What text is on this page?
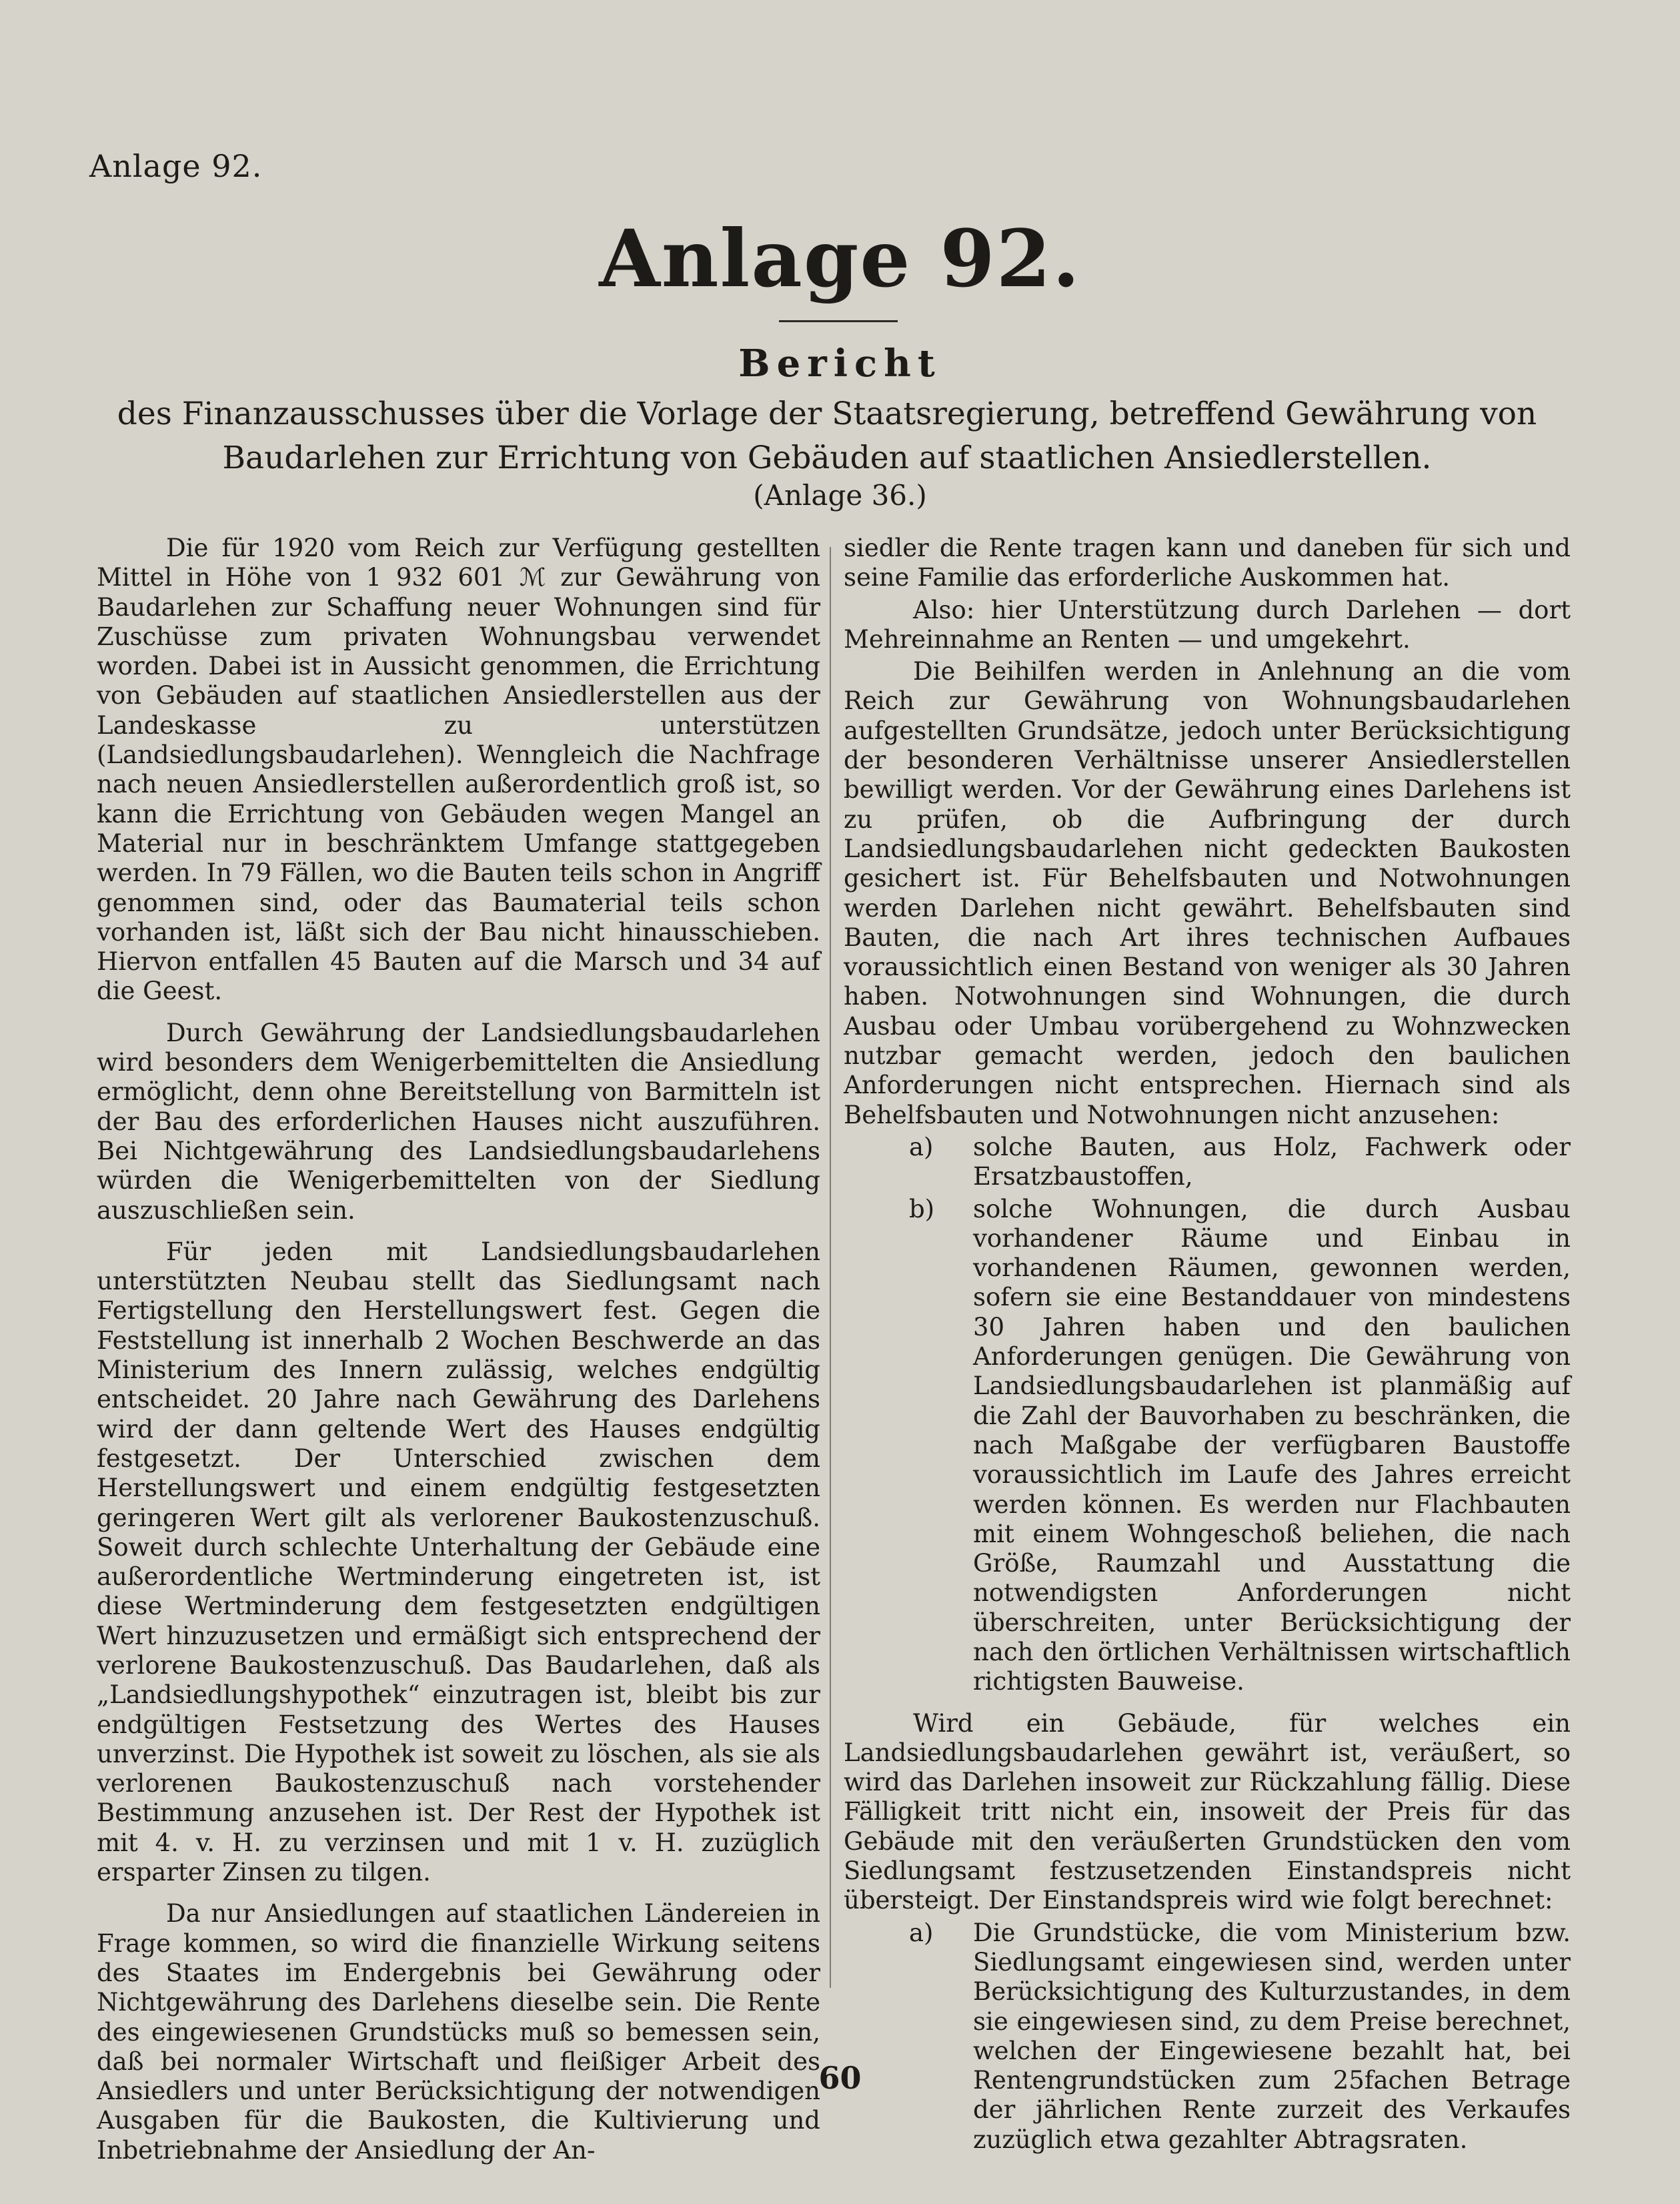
Anlage 92.
Anlage 92.
Bericht
des Finanzausschusses über die Vorlage der Staatsregierung, betreffend Gewährung von Baudarlehen zur Errichtung von Gebäuden auf staatlichen Ansiedlerstellen.
(Anlage 36.)

Die für 1920 vom Reich zur Verfügung gestellten Mittel in Höhe von 1 932 601 ℳ zur Gewährung von Baudarlehen zur Schaffung neuer Wohnungen sind für Zuschüsse zum privaten Wohnungsbau verwendet worden. Dabei ist in Aussicht genommen, die Errichtung von Gebäuden auf staatlichen Ansiedlerstellen aus der Landeskasse zu unterstützen (Landsiedlungsbaudarlehen). Wenngleich die Nachfrage nach neuen Ansiedlerstellen außerordentlich groß ist, so kann die Errichtung von Gebäuden wegen Mangel an Material nur in beschränktem Umfange stattgegeben werden. In 79 Fällen, wo die Bauten teils schon in Angriff genommen sind, oder das Baumaterial teils schon vorhanden ist, läßt sich der Bau nicht hinausschieben. Hiervon entfallen 45 Bauten auf die Marsch und 34 auf die Geest.

Durch Gewährung der Landsiedlungsbaudarlehen wird besonders dem Wenigerbemittelten die Ansiedlung ermöglicht, denn ohne Bereitstellung von Barmitteln ist der Bau des erforderlichen Hauses nicht auszuführen. Bei Nichtgewährung des Landsiedlungsbaudarlehens würden die Wenigerbemittelten von der Siedlung auszuschließen sein.

Für jeden mit Landsiedlungsbaudarlehen unterstützten Neubau stellt das Siedlungsamt nach Fertigstellung den Herstellungswert fest. Gegen die Feststellung ist innerhalb 2 Wochen Beschwerde an das Ministerium des Innern zulässig, welches endgültig entscheidet. 20 Jahre nach Gewährung des Darlehens wird der dann geltende Wert des Hauses endgültig festgesetzt. Der Unterschied zwischen dem Herstellungswert und einem endgültig festgesetzten geringeren Wert gilt als verlorener Baukostenzuschuß. Soweit durch schlechte Unterhaltung der Gebäude eine außerordentliche Wertminderung eingetreten ist, ist diese Wertminderung dem festgesetzten endgültigen Wert hinzuzusetzen und ermäßigt sich entsprechend der verlorene Baukostenzuschuß. Das Baudarlehen, daß als „Landsiedlungshypothek“ einzutragen ist, bleibt bis zur endgültigen Festsetzung des Wertes des Hauses unverzinst. Die Hypothek ist soweit zu löschen, als sie als verlorenen Baukostenzuschuß nach vorstehender Bestimmung anzusehen ist. Der Rest der Hypothek ist mit 4. v. H. zu verzinsen und mit 1 v. H. zuzüglich ersparter Zinsen zu tilgen.

Da nur Ansiedlungen auf staatlichen Ländereien in Frage kommen, so wird die finanzielle Wirkung seitens des Staates im Endergebnis bei Gewährung oder Nichtgewährung des Darlehens dieselbe sein. Die Rente des eingewiesenen Grundstücks muß so bemessen sein, daß bei normaler Wirtschaft und fleißiger Arbeit des Ansiedlers und unter Berücksichtigung der notwendigen Ausgaben für die Baukosten, die Kultivierung und Inbetriebnahme der Ansiedlung der An-

siedler die Rente tragen kann und daneben für sich und seine Familie das erforderliche Auskommen hat.

Also: hier Unterstützung durch Darlehen — dort Mehreinnahme an Renten — und umgekehrt.

Die Beihilfen werden in Anlehnung an die vom Reich zur Gewährung von Wohnungsbaudarlehen aufgestellten Grundsätze, jedoch unter Berücksichtigung der besonderen Verhältnisse unserer Ansiedlerstellen bewilligt werden. Vor der Gewährung eines Darlehens ist zu prüfen, ob die Aufbringung der durch Landsiedlungsbaudarlehen nicht gedeckten Baukosten gesichert ist. Für Behelfsbauten und Notwohnungen werden Darlehen nicht gewährt. Behelfsbauten sind Bauten, die nach Art ihres technischen Aufbaues voraussichtlich einen Bestand von weniger als 30 Jahren haben. Notwohnungen sind Wohnungen, die durch Ausbau oder Umbau vorübergehend zu Wohnzwecken nutzbar gemacht werden, jedoch den baulichen Anforderungen nicht entsprechen. Hiernach sind als Behelfsbauten und Notwohnungen nicht anzusehen:

a)	solche Bauten, aus Holz, Fachwerk oder Ersatzbaustoffen,
b)	solche Wohnungen, die durch Ausbau vorhandener Räume und Einbau in vorhandenen Räumen, gewonnen werden, sofern sie eine Bestanddauer von mindestens 30 Jahren haben und den baulichen Anforderungen genügen. Die Gewährung von Landsiedlungsbaudarlehen ist planmäßig auf die Zahl der Bauvorhaben zu beschränken, die nach Maßgabe der verfügbaren Baustoffe voraussichtlich im Laufe des Jahres erreicht werden können. Es werden nur Flachbauten mit einem Wohngeschoß beliehen, die nach Größe, Raumzahl und Ausstattung die notwendigsten Anforderungen nicht überschreiten, unter Berücksichtigung der nach den örtlichen Verhältnissen wirtschaftlich richtigsten Bauweise.

Wird ein Gebäude, für welches ein Landsiedlungsbaudarlehen gewährt ist, veräußert, so wird das Darlehen insoweit zur Rückzahlung fällig. Diese Fälligkeit tritt nicht ein, insoweit der Preis für das Gebäude mit den veräußerten Grundstücken den vom Siedlungsamt festzusetzenden Einstandspreis nicht übersteigt. Der Einstandspreis wird wie folgt berechnet:

a)	Die Grundstücke, die vom Ministerium bzw. Siedlungsamt eingewiesen sind, werden unter Berücksichtigung des Kulturzustandes, in dem sie eingewiesen sind, zu dem Preise berechnet, welchen der Eingewiesene bezahlt hat, bei Rentengrundstücken zum 25fachen Betrage der jährlichen Rente zurzeit des Verkaufes zuzüglich etwa gezahlter Abtragsraten.
60
